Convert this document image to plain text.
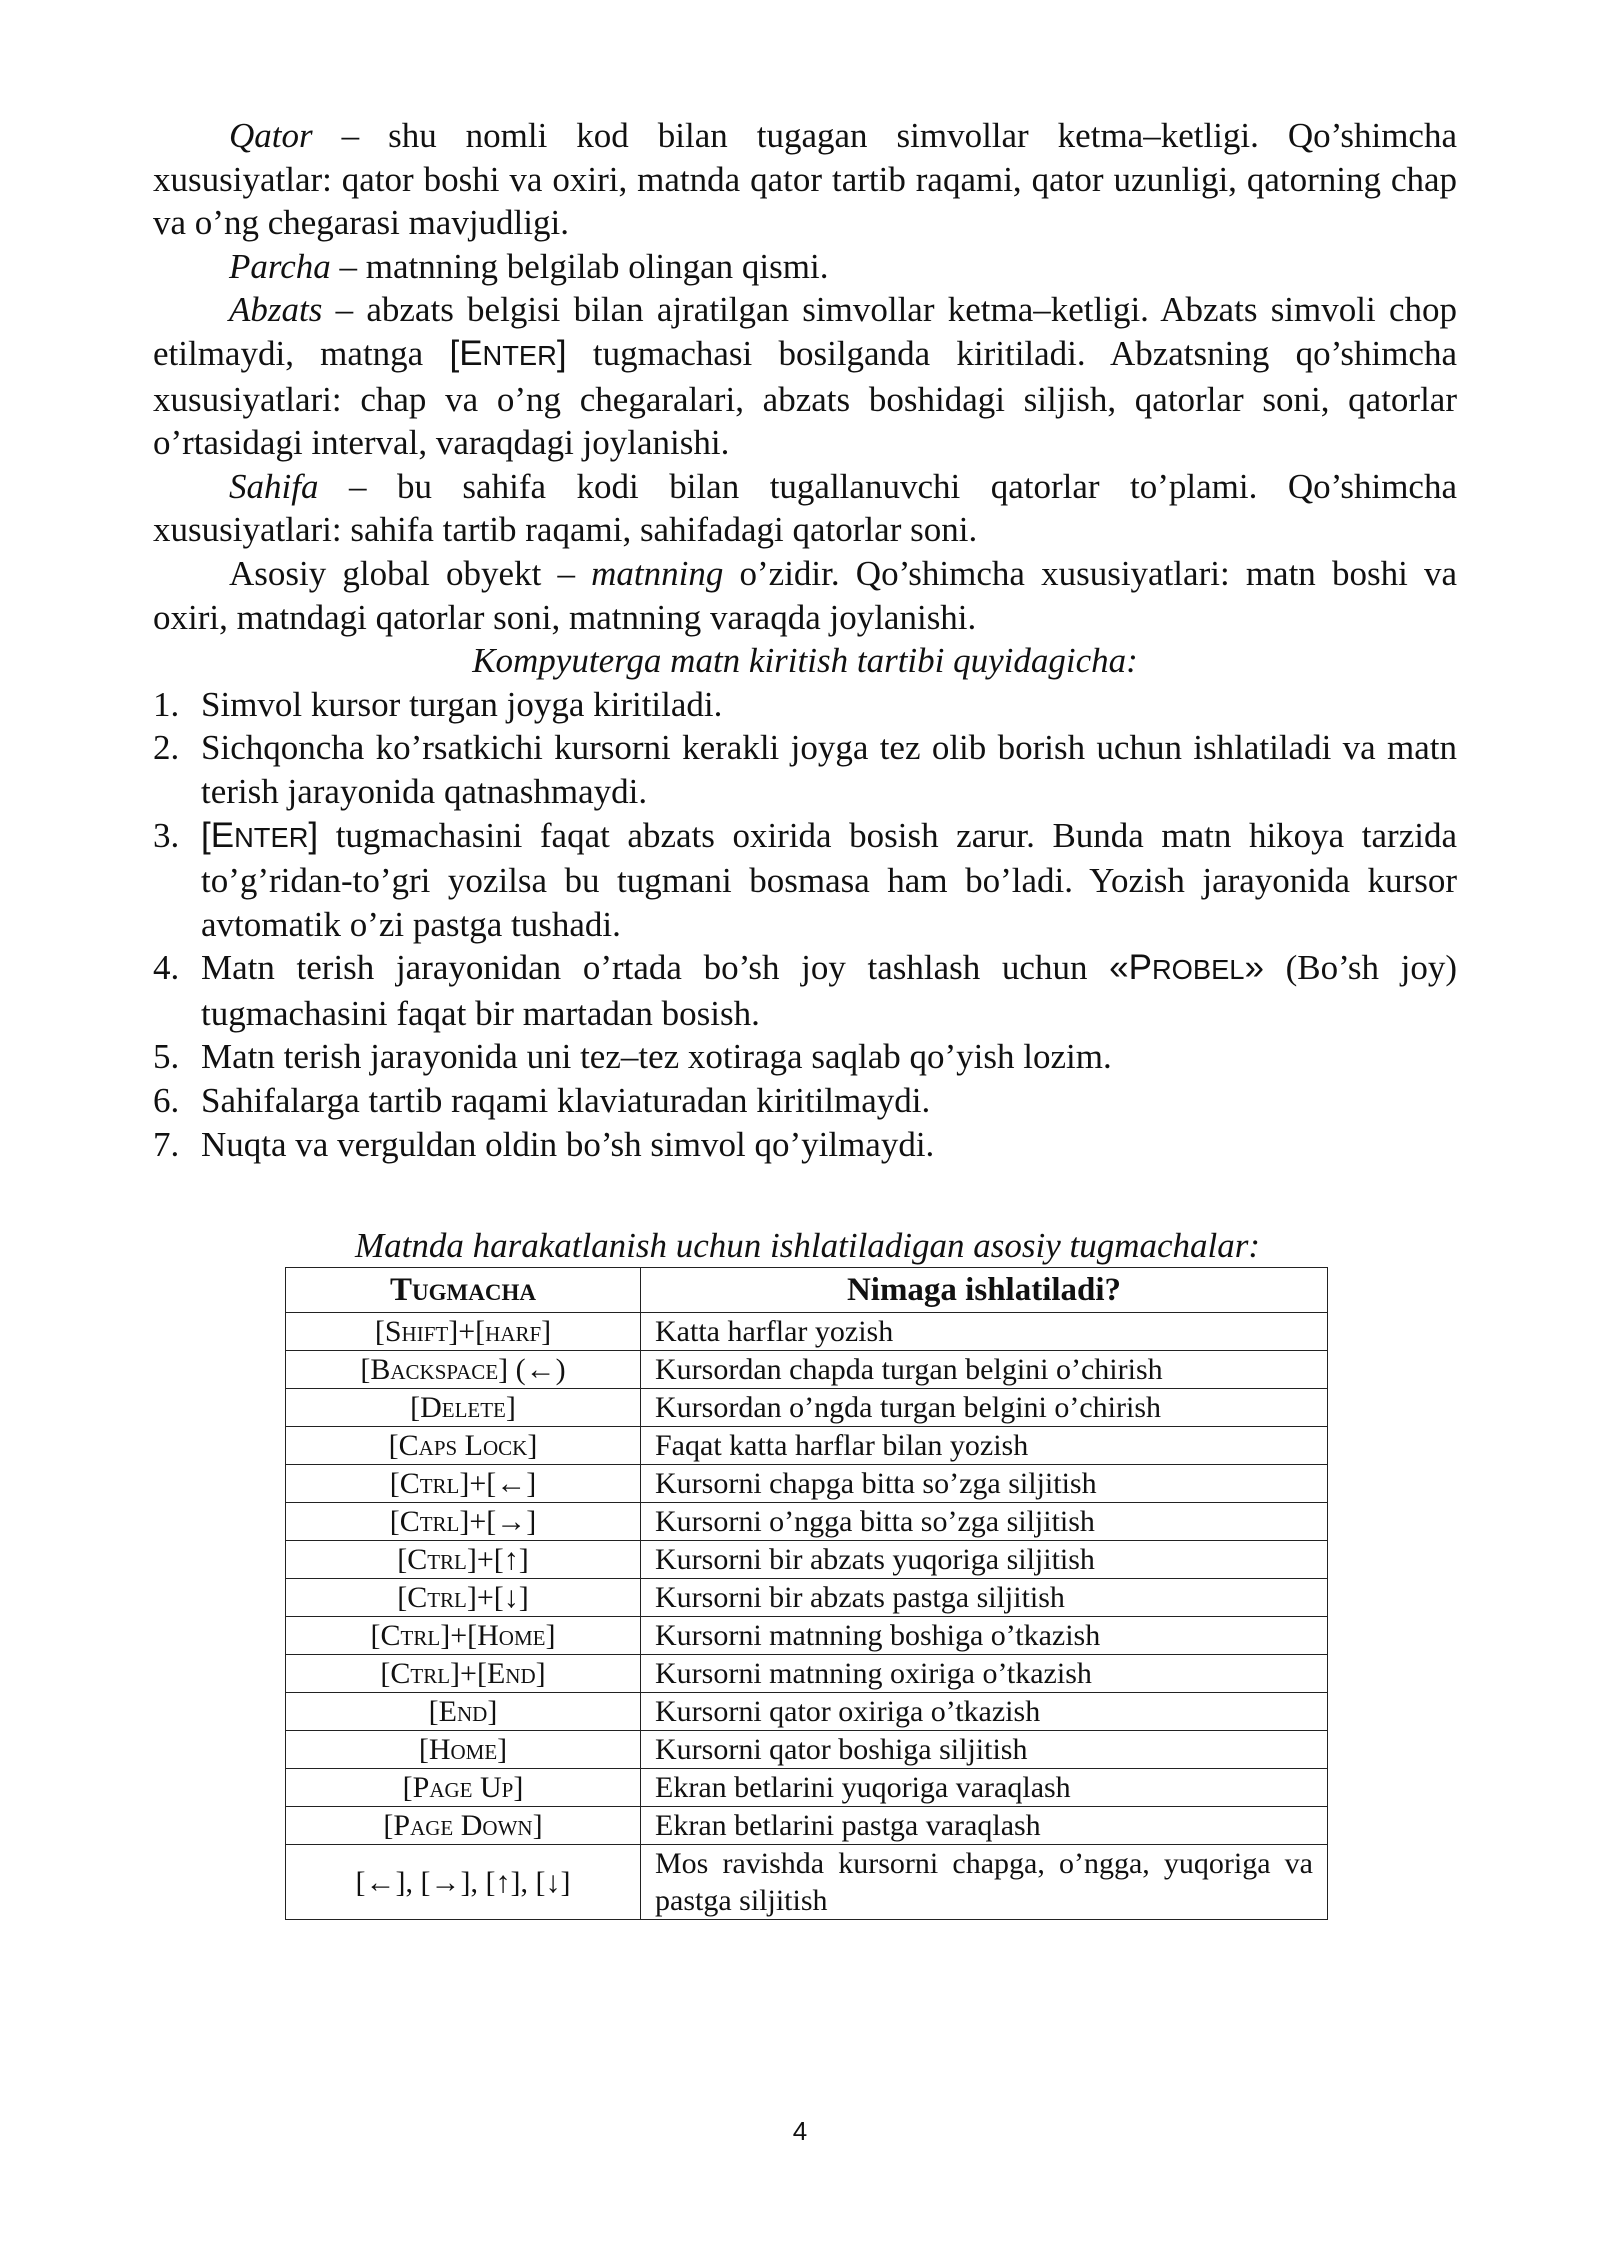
Qator – shu nomli kod bilan tugagan simvollar ketma–ketligi. Qo’shimcha xususiyatlar: qator boshi va oxiri, matnda qator tartib raqami, qator uzunligi, qatorning chap va o’ng chegarasi mavjudligi.

Parcha – matnning belgilab olingan qismi.

Abzats – abzats belgisi bilan ajratilgan simvollar ketma–ketligi. Abzats simvoli chop etilmaydi, matnga [ENTER] tugmachasi bosilganda kiritiladi. Abzatsning qo’shimcha xususiyatlari: chap va o’ng chegaralari, abzats boshidagi siljish, qatorlar soni, qatorlar o’rtasidagi interval, varaqdagi joylanishi.

Sahifa – bu sahifa kodi bilan tugallanuvchi qatorlar to’plami. Qo’shimcha xususiyatlari: sahifa tartib raqami, sahifadagi qatorlar soni.

Asosiy global obyekt – matnning o’zidir. Qo’shimcha xususiyatlari: matn boshi va oxiri, matndagi qatorlar soni, matnning varaqda joylanishi.

Kompyuterga matn kiritish tartibi quyidagicha:

1. Simvol kursor turgan joyga kiritiladi.
2. Sichqoncha ko’rsatkichi kursorni kerakli joyga tez olib borish uchun ishlatiladi va matn terish jarayonida qatnashmaydi.
3. [ENTER] tugmachasini faqat abzats oxirida bosish zarur. Bunda matn hikoya tarzida to’g’ridan-to’gri yozilsa bu tugmani bosmasa ham bo’ladi. Yozish jarayonida kursor avtomatik o’zi pastga tushadi.
4. Matn terish jarayonidan o’rtada bo’sh joy tashlash uchun «PROBEL» (Bo’sh joy) tugmachasini faqat bir martadan bosish.
5. Matn terish jarayonida uni tez–tez xotiraga saqlab qo’yish lozim.
6. Sahifalarga tartib raqami klaviaturadan kiritilmaydi.
7. Nuqta va verguldan oldin bo’sh simvol qo’yilmaydi.
Matnda harakatlanish uchun ishlatiladigan asosiy tugmachalar:
Tugmacha	Nimaga ishlatiladi?
[Shift]+[harf]	Katta harflar yozish
[Backspace] (←)	Kursordan chapda turgan belgini o’chirish
[Delete]	Kursordan o’ngda turgan belgini o’chirish
[Caps Lock]	Faqat katta harflar bilan yozish
[Ctrl]+[←]	Kursorni chapga bitta so’zga siljitish
[Ctrl]+[→]	Kursorni o’ngga bitta so’zga siljitish
[Ctrl]+[↑]	Kursorni bir abzats yuqoriga siljitish
[Ctrl]+[↓]	Kursorni bir abzats pastga siljitish
[Ctrl]+[Home]	Kursorni matnning boshiga o’tkazish
[Ctrl]+[End]	Kursorni matnning oxiriga o’tkazish
[End]	Kursorni qator oxiriga o’tkazish
[Home]	Kursorni qator boshiga siljitish
[Page Up]	Ekran betlarini yuqoriga varaqlash
[Page Down]	Ekran betlarini pastga varaqlash
[←], [→], [↑], [↓]	Mos ravishda kursorni chapga, o’ngga, yuqoriga va pastga siljitish
4
